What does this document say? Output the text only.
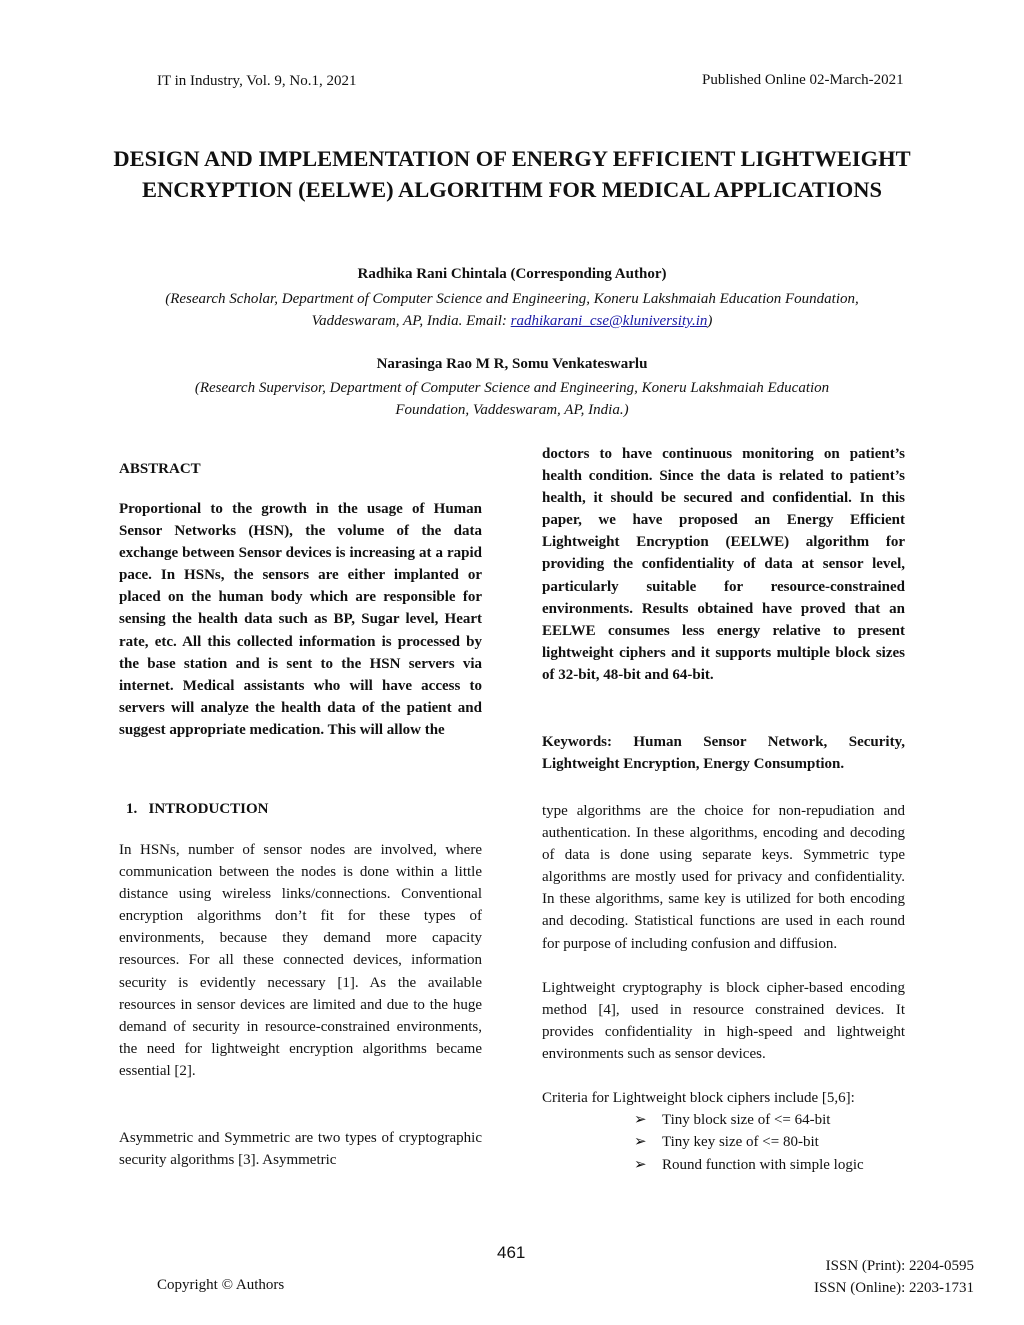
IT in Industry, Vol. 9, No.1, 2021	Published Online 02-March-2021
DESIGN AND IMPLEMENTATION OF ENERGY EFFICIENT LIGHTWEIGHT ENCRYPTION (EELWE) ALGORITHM FOR MEDICAL APPLICATIONS
Radhika Rani Chintala (Corresponding Author)
(Research Scholar, Department of Computer Science and Engineering, Koneru Lakshmaiah Education Foundation,
Vaddeswaram, AP, India. Email: radhikarani_cse@kluniversity.in)
Narasinga Rao M R, Somu Venkateswarlu
(Research Supervisor, Department of Computer Science and Engineering, Koneru Lakshmaiah Education
Foundation, Vaddeswaram, AP, India.)
ABSTRACT
Proportional to the growth in the usage of Human Sensor Networks (HSN), the volume of the data exchange between Sensor devices is increasing at a rapid pace. In HSNs, the sensors are either implanted or placed on the human body which are responsible for sensing the health data such as BP, Sugar level, Heart rate, etc. All this collected information is processed by the base station and is sent to the HSN servers via internet. Medical assistants who will have access to servers will analyze the health data of the patient and suggest appropriate medication. This will allow the
doctors to have continuous monitoring on patient’s health condition. Since the data is related to patient’s health, it should be secured and confidential. In this paper, we have proposed an Energy Efficient Lightweight Encryption (EELWE) algorithm for providing the confidentiality of data at sensor level, particularly suitable for resource-constrained environments. Results obtained have proved that an EELWE consumes less energy relative to present lightweight ciphers and it supports multiple block sizes of 32-bit, 48-bit and 64-bit.
Keywords: Human Sensor Network, Security, Lightweight Encryption, Energy Consumption.
1. INTRODUCTION
In HSNs, number of sensor nodes are involved, where communication between the nodes is done within a little distance using wireless links/connections. Conventional encryption algorithms don’t fit for these types of environments, because they demand more capacity resources. For all these connected devices, information security is evidently necessary [1]. As the available resources in sensor devices are limited and due to the huge demand of security in resource-constrained environments, the need for lightweight encryption algorithms became essential [2].
Asymmetric and Symmetric are two types of cryptographic security algorithms [3]. Asymmetric
type algorithms are the choice for non-repudiation and authentication. In these algorithms, encoding and decoding of data is done using separate keys. Symmetric type algorithms are mostly used for privacy and confidentiality. In these algorithms, same key is utilized for both encoding and decoding. Statistical functions are used in each round for purpose of including confusion and diffusion.
Lightweight cryptography is block cipher-based encoding method [4], used in resource constrained devices. It provides confidentiality in high-speed and lightweight environments such as sensor devices.
Criteria for Lightweight block ciphers include [5,6]:
➢ Tiny block size of <= 64-bit
➢ Tiny key size of <= 80-bit
➢ Round function with simple logic
461
Copyright © Authors
ISSN (Print): 2204-0595
ISSN (Online): 2203-1731
